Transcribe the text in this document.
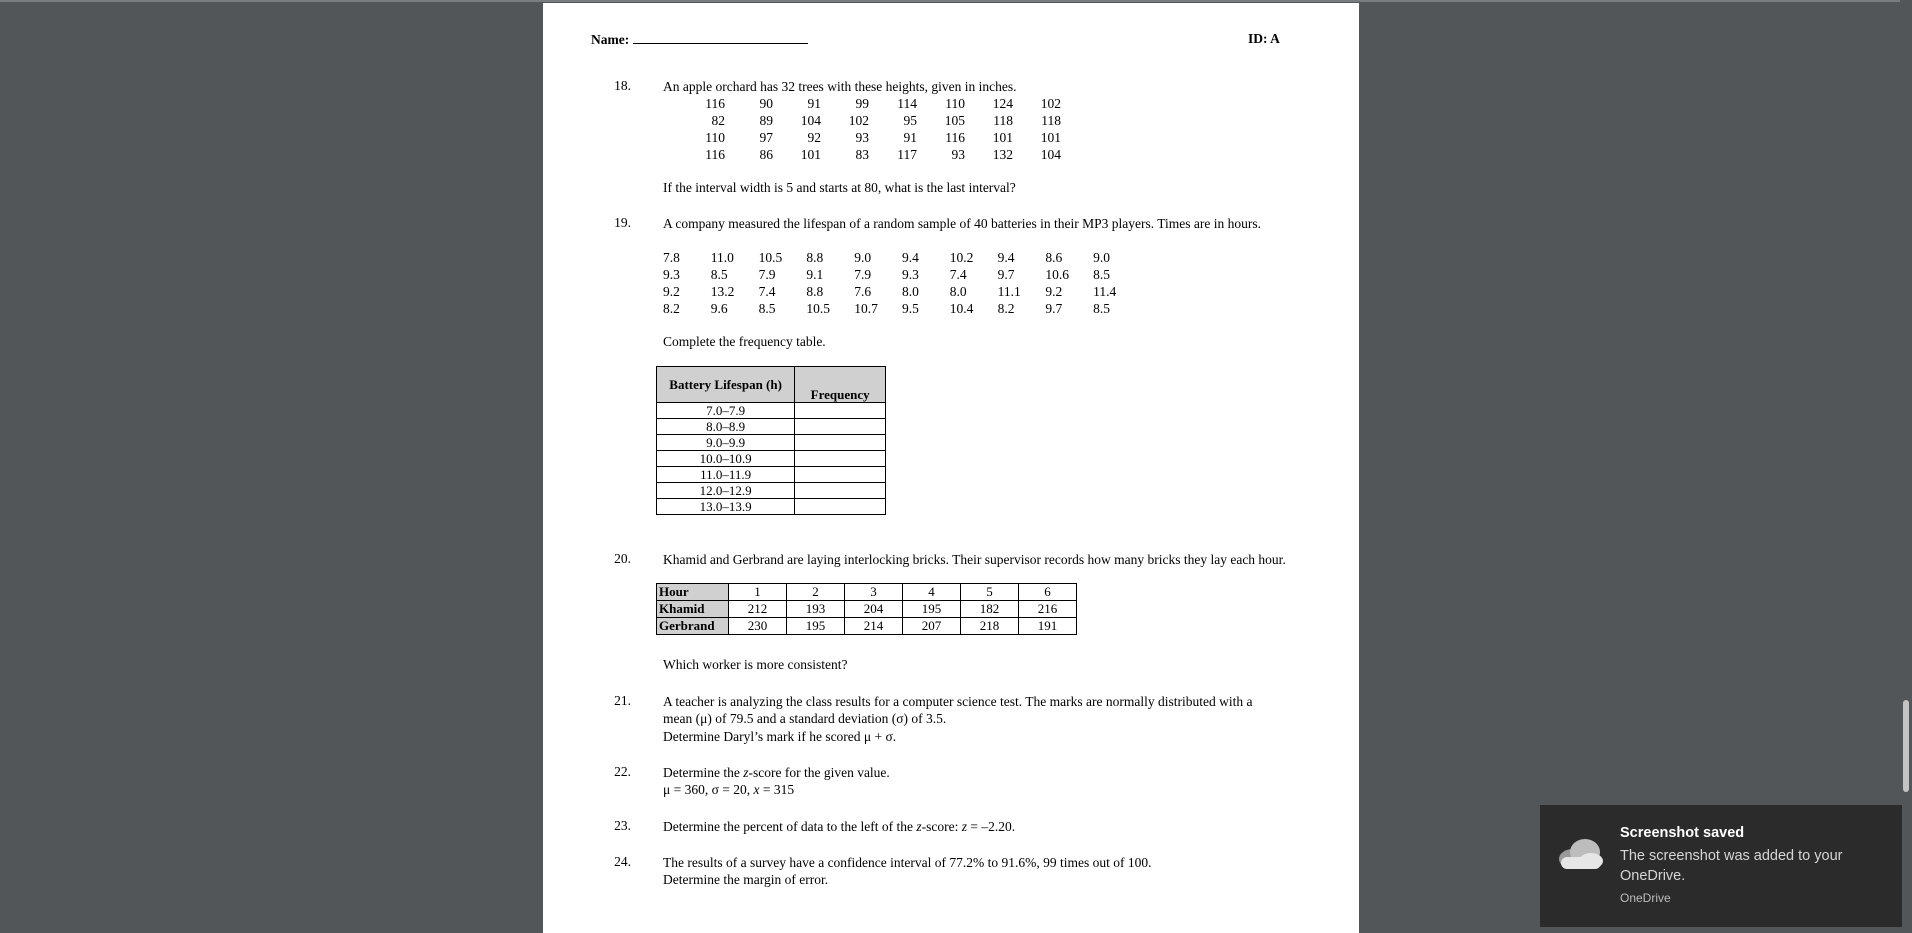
Name:	ID: A
18. An apple orchard has 32 trees with these heights, given in inches.
116	90	91	99	114	110	124	102
82	89	104	102	95	105	118	118
110	97	92	93	91	116	101	101
116	86	101	83	117	93	132	104
If the interval width is 5 and starts at 80, what is the last interval?
19. A company measured the lifespan of a random sample of 40 batteries in their MP3 players. Times are in hours.
7.8	11.0	10.5	8.8	9.0	9.4	10.2	9.4	8.6	9.0
9.3	8.5	7.9	9.1	7.9	9.3	7.4	9.7	10.6	8.5
9.2	13.2	7.4	8.8	7.6	8.0	8.0	11.1	9.2	11.4
8.2	9.6	8.5	10.5	10.7	9.5	10.4	8.2	9.7	8.5
Complete the frequency table.
Battery Lifespan (h)	Frequency
7.0–7.9	
8.0–8.9	
9.0–9.9	
10.0–10.9	
11.0–11.9	
12.0–12.9	
13.0–13.9	
20. Khamid and Gerbrand are laying interlocking bricks. Their supervisor records how many bricks they lay each hour.
Hour	1	2	3	4	5	6
Khamid	212	193	204	195	182	216
Gerbrand	230	195	214	207	218	191
Which worker is more consistent?
21. A teacher is analyzing the class results for a computer science test. The marks are normally distributed with a
mean (μ) of 79.5 and a standard deviation (σ) of 3.5.
Determine Daryl’s mark if he scored μ + σ.
22. Determine the z-score for the given value.
μ = 360, σ = 20, x = 315
23. Determine the percent of data to the left of the z-score: z = –2.20.
24. The results of a survey have a confidence interval of 77.2% to 91.6%, 99 times out of 100.
Determine the margin of error.
Screenshot saved
The screenshot was added to your OneDrive.
OneDrive
